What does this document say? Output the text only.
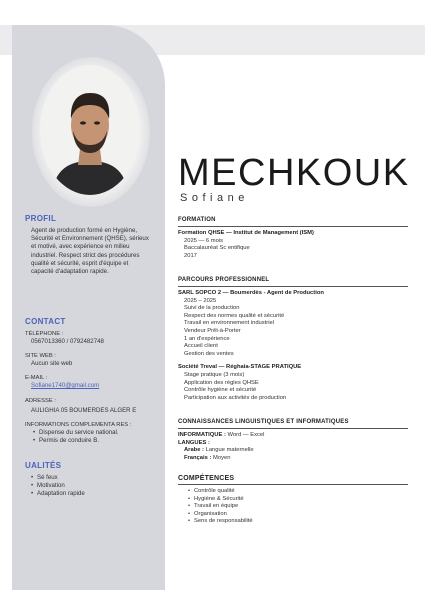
PROFIL
Agent de production formé en Hygiène, Sécurité et Environnement (QHSE), sérieux et motivé, avec expérience en milieu industriel. Respect strict des procédures qualité et sécurité, esprit d'équipe et capacité d'adaptation rapide.
CONTACT
TÉLÉPHONE :
0567013360 / 0792482748
SITE WEB :
Aucun site web
E-MAIL :
Sofiane1740@gmail.com
ADRESSE :
AULIGHIA 05 BOUMERDES ALGER E
INFORMATIONS COMPLEMENTA RES :
• Dispense du service national.
• Permis de conduire B.
UALITÉS
• Sé feux
• Motivation
• Adaptation rapide
MECHKOUK
Sofiane
FORMATION
Formation QHSE — Institut de Management (ISM)
2025 — 6 mois
Baccalauréat Sc entifique
2017
PARCOURS PROFESSIONNEL
SARL SOPCO 2 — Boumerdès - Agent de Production
2025 – 2025
Suivi de la production
Respect des normes qualité et sécurité
Travail en environnement industriel
Vendeur Prêt-à-Porter
1 an d'expérience
Accueil client
Gestion des ventes
Société Treval — Réghaia-STAGE PRATIQUE
Stage pratique (3 mois)
Application des règles QHSE
Contrôle hygiène et sécurité
Participation aux activités de production
CONNAISSANCES LINGUISTIQUES ET INFORMATIQUES
INFORMATIQUE : Word — Excel
LANGUES :
Arabe : Langue maternelle
Français : Moyen
COMPÉTENCES
• Contrôle qualité
• Hygiène & Sécurité
• Travail en équipe
• Organisation
• Sens de responsabilité
